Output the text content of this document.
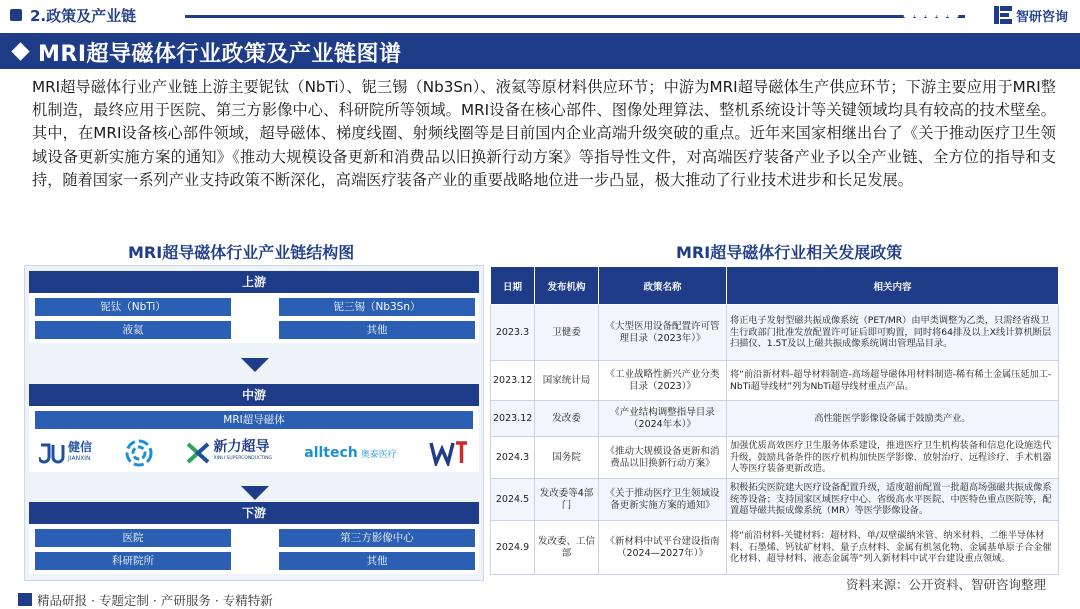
2.政策及产业链	智研咨询
MRI超导磁体行业政策及产业链图谱

MRI超导磁体行业产业链上游主要铌钛（NbTi）、铌三锡（Nb3Sn）、液氦等原材料供应环节；中游为MRI超导磁体生产供应环节；下游主要应用于MRI整机制造，最终应用于医院、第三方影像中心、科研院所等领域。MRI设备在核心部件、图像处理算法、整机系统设计等关键领域均具有较高的技术壁垒。其中，在MRI设备核心部件领域，超导磁体、梯度线圈、射频线圈等是目前国内企业高端升级突破的重点。近年来国家相继出台了《关于推动医疗卫生领域设备更新实施方案的通知》《推动大规模设备更新和消费品以旧换新行动方案》等指导性文件，对高端医疗装备产业予以全产业链、全方位的指导和支持，随着国家一系列产业支持政策不断深化，高端医疗装备产业的重要战略地位进一步凸显，极大推动了行业技术进步和长足发展。

MRI超导磁体行业产业链结构图	MRI超导磁体行业相关发展政策
上游
铌钛（NbTi）	铌三锡（Nb3Sn）
液氦	其他
中游
MRI超导磁体
健信
JIANXIN
新力超导
XINLI SUPERCONDUCTING alltech 奥泰医疗
下游
医院	第三方影像中心
科研院所	其他
日期	发布机构	政策名称	相关内容
2023.3	卫健委	《大型医用设备配置许可管理目录（2023年）》	将正电子发射型磁共振成像系统（PET/MR）由甲类调整为乙类，只需经省级卫生行政部门批准发放配置许可证后即可购置，同时将64排及以上X线计算机断层扫描仪、1.5T及以上磁共振成像系统调出管理品目录。
2023.12	国家统计局	《工业战略性新兴产业分类目录（2023）》	将“前沿新材料-超导材料制造-高场超导磁体用材料制造-稀有稀土金属压延加工-NbTi超导线材”列为NbTi超导线材重点产品。
2023.12	发改委	《产业结构调整指导目录（2024年本）》	高性能医学影像设备属于鼓励类产业。
2024.3	国务院	《推动大规模设备更新和消费品以旧换新行动方案》	加强优质高效医疗卫生服务体系建设，推进医疗卫生机构装备和信息化设施迭代升级，鼓励具备条件的医疗机构加快医学影像、放射治疗、远程诊疗、手术机器人等医疗装备更新改造。
2024.5	发改委等4部门	《关于推动医疗卫生领域设备更新实施方案的通知》	积极拓尖医院建大医疗设备配置升级，适度超前配置一批超高场强磁共振成像系统等设备；支持国家区域医疗中心、省级高水平医院、中医特色重点医院等，配置超导磁共振成像系统（MR）等医学影像设备。
2024.9	发改委、工信部	《新材料中试平台建设指南（2024—2027年）》	将“前沿材料-关键材料：超材料、单/双壁碳纳米管、纳米材料、二维半导体材料、石墨烯、钙钛矿材料、量子点材料、金属有机氢化物、金属基单原子合金催化材料、超导材料、液态金属等”列入新材料中试平台建设重点领域。
资料来源：公开资料、智研咨询整理
精品研报 · 专题定制 · 产研服务 · 专精特新
